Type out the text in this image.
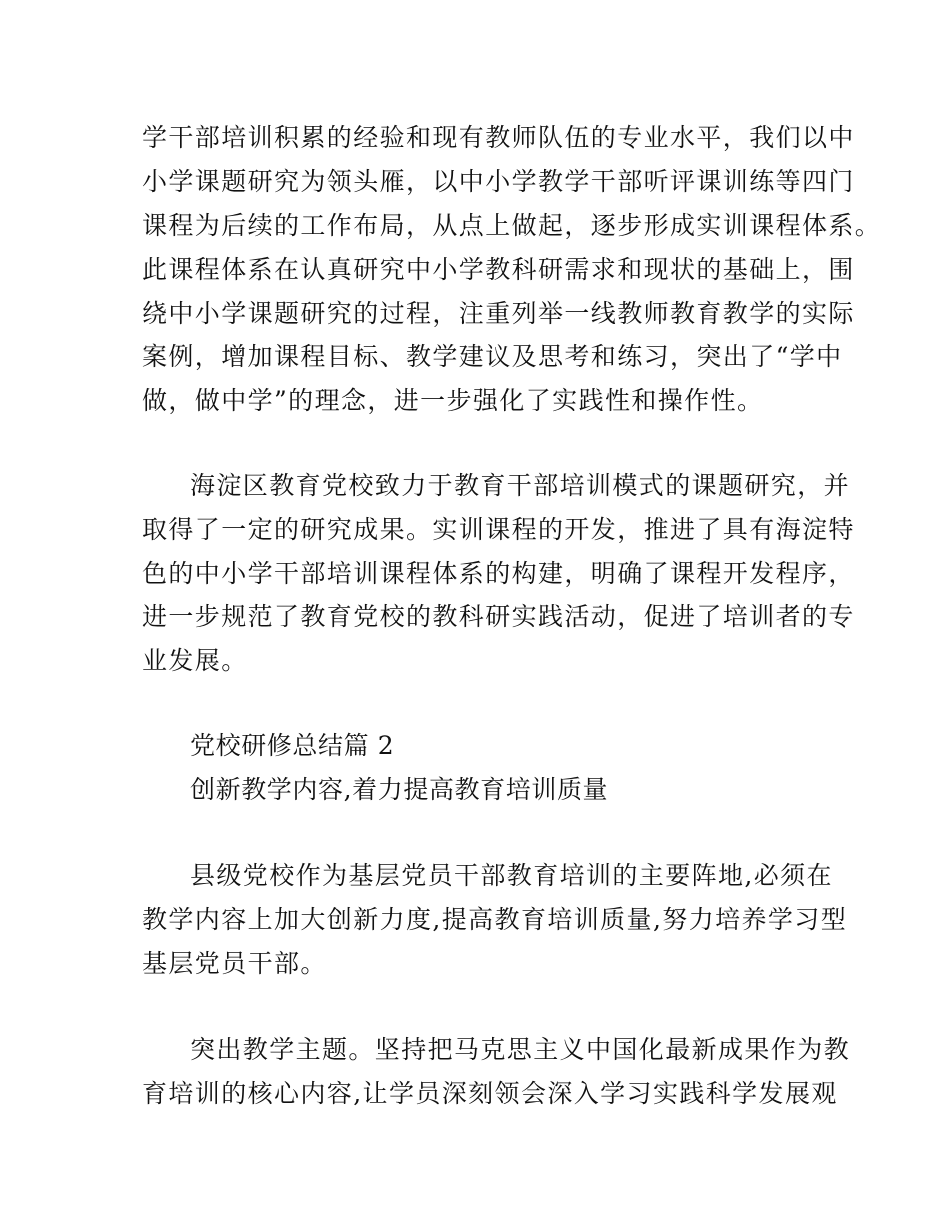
学干部培训积累的经验和现有教师队伍的专业水平，我们以中
小学课题研究为领头雁，以中小学教学干部听评课训练等四门
课程为后续的工作布局，从点上做起，逐步形成实训课程体系。
此课程体系在认真研究中小学教科研需求和现状的基础上，围
绕中小学课题研究的过程，注重列举一线教师教育教学的实际
案例，增加课程目标、教学建议及思考和练习，突出了“学中
做，做中学”的理念，进一步强化了实践性和操作性。
海淀区教育党校致力于教育干部培训模式的课题研究，并
取得了一定的研究成果。实训课程的开发，推进了具有海淀特
色的中小学干部培训课程体系的构建，明确了课程开发程序，
进一步规范了教育党校的教科研实践活动，促进了培训者的专
业发展。
党校研修总结篇 2
创新教学内容,着力提高教育培训质量
县级党校作为基层党员干部教育培训的主要阵地,必须在
教学内容上加大创新力度,提高教育培训质量,努力培养学习型
基层党员干部。
突出教学主题。坚持把马克思主义中国化最新成果作为教
育培训的核心内容,让学员深刻领会深入学习实践科学发展观
